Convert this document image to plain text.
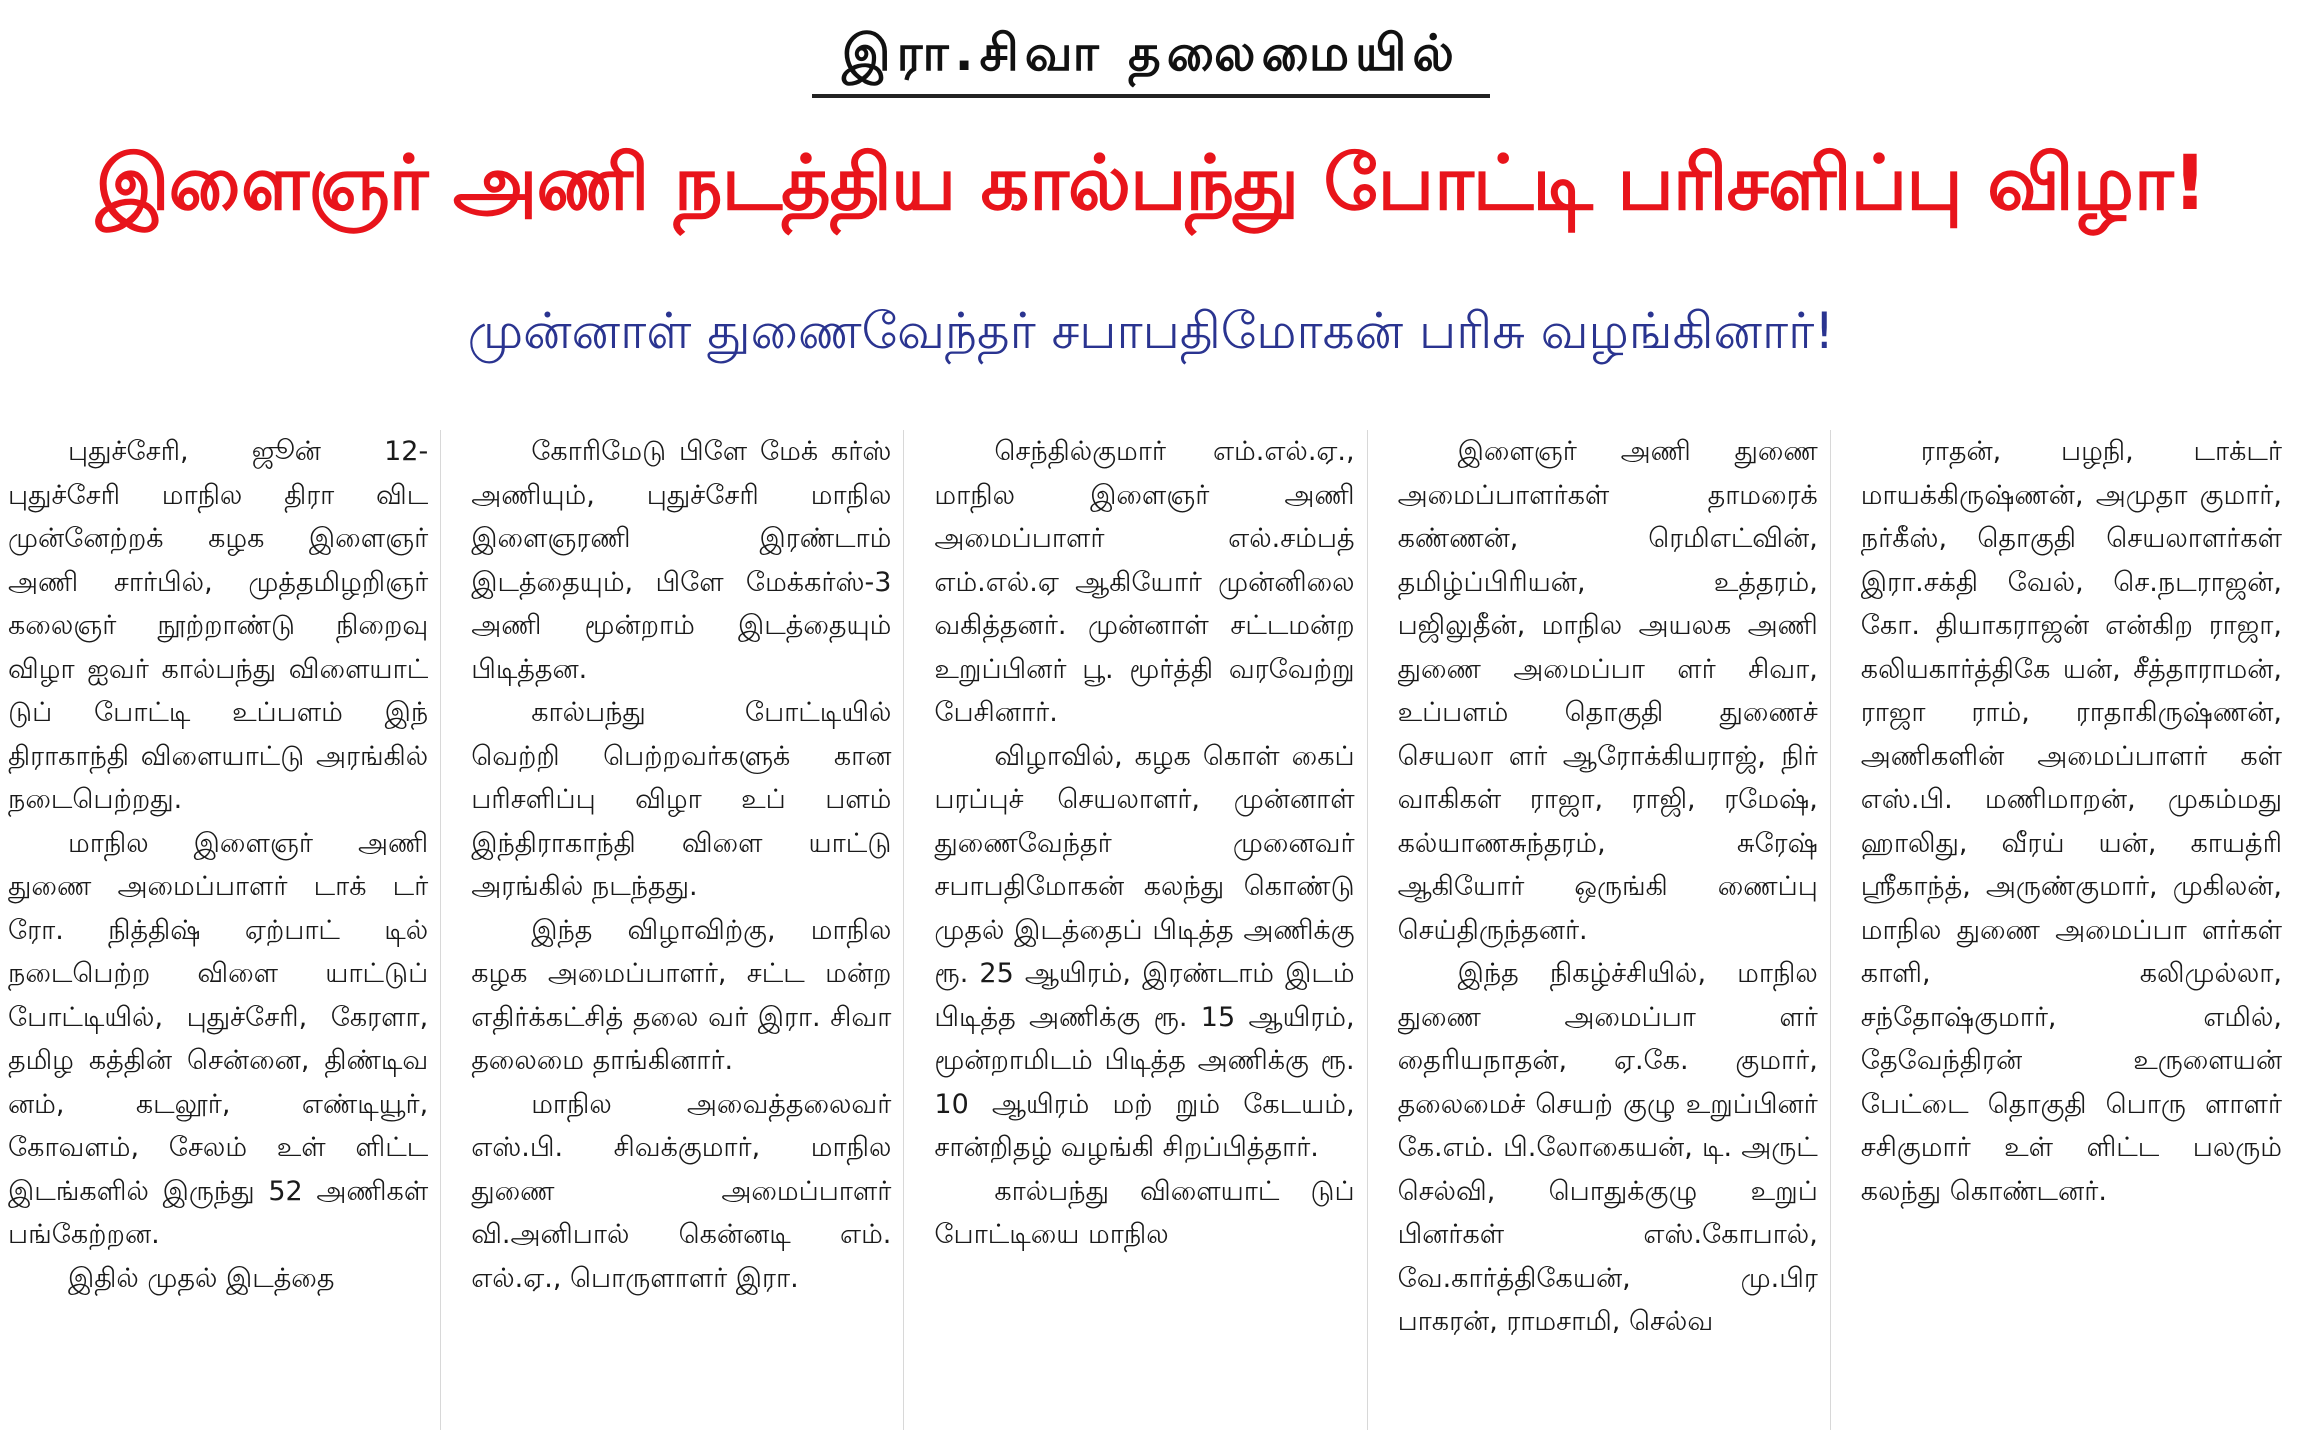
இரா.சிவா தலைமையில்
இளைஞர் அணி நடத்திய கால்பந்து போட்டி பரிசளிப்பு விழா!
முன்னாள் துணைவேந்தர் சபாபதிமோகன் பரிசு வழங்கினார்!

புதுச்சேரி, ஜூன் 12- புதுச்சேரி மாநில திரா விட முன்னேற்றக் கழக இளைஞர் அணி சார்பில், முத்தமிழறிஞர் கலைஞர் நூற்றாண்டு நிறைவு விழா ஐவர் கால்பந்து விளையாட் டுப் போட்டி உப்பளம் இந் திராகாந்தி விளையாட்டு அரங்கில் நடைபெற்றது.

மாநில இளைஞர் அணி துணை அமைப்பாளர் டாக் டர் ரோ. நித்திஷ் ஏற்பாட் டில் நடைபெற்ற விளை யாட்டுப் போட்டியில், புதுச்சேரி, கேரளா, தமிழ கத்தின் சென்னை, திண்டிவ னம், கடலூர், எண்டியூர், கோவளம், சேலம் உள் ளிட்ட இடங்களில் இருந்து 52 அணிகள் பங்கேற்றன.

இதில் முதல் இடத்தை

கோரிமேடு பிளே மேக் கர்ஸ் அணியும், புதுச்சேரி மாநில இளைஞரணி இரண்டாம் இடத்தையும், பிளே மேக்கர்ஸ்-3 அணி மூன்றாம் இடத்தையும் பிடித்தன.

கால்பந்து போட்டியில் வெற்றி பெற்றவர்களுக் கான பரிசளிப்பு விழா உப் பளம் இந்திராகாந்தி விளை யாட்டு அரங்கில் நடந்தது.

இந்த விழாவிற்கு, மாநில கழக அமைப்பாளர், சட்ட மன்ற எதிர்க்கட்சித் தலை வர் இரா. சிவா தலைமை தாங்கினார்.

மாநில அவைத்தலைவர் எஸ்.பி. சிவக்குமார், மாநில துணை அமைப்பாளர் வி.அனிபால் கென்னடி எம். எல்.ஏ., பொருளாளர் இரா.

செந்தில்குமார் எம்.எல்.ஏ., மாநில இளைஞர் அணி அமைப்பாளர் எல்.சம்பத் எம்.எல்.ஏ ஆகியோர் முன்னிலை வகித்தனர். முன்னாள் சட்டமன்ற உறுப்பினர் பூ. மூர்த்தி வரவேற்று பேசினார்.

விழாவில், கழக கொள் கைப் பரப்புச் செயலாளர், முன்னாள் துணைவேந்தர் முனைவர் சபாபதிமோகன் கலந்து கொண்டு முதல் இடத்தைப் பிடித்த அணிக்கு ரூ. 25 ஆயிரம், இரண்டாம் இடம் பிடித்த அணிக்கு ரூ. 15 ஆயிரம், மூன்றாமிடம் பிடித்த அணிக்கு ரூ. 10 ஆயிரம் மற் றும் கேடயம், சான்றிதழ் வழங்கி சிறப்பித்தார்.

கால்பந்து விளையாட் டுப் போட்டியை மாநில

இளைஞர் அணி துணை அமைப்பாளர்கள் தாமரைக் கண்ணன், ரெமிஎட்வின், தமிழ்ப்பிரியன், உத்தரம், பஜிலுதீன், மாநில அயலக அணி துணை அமைப்பா ளர் சிவா, உப்பளம் தொகுதி துணைச் செயலா ளர் ஆரோக்கியராஜ், நிர் வாகிகள் ராஜா, ராஜி, ரமேஷ், கல்யாணசுந்தரம், சுரேஷ் ஆகியோர் ஒருங்கி ணைப்பு செய்திருந்தனர்.

இந்த நிகழ்ச்சியில், மாநில துணை அமைப்பா ளர் தைரியநாதன், ஏ.கே. குமார், தலைமைச் செயற் குழு உறுப்பினர் கே.எம். பி.லோகையன், டி. அருட் செல்வி, பொதுக்குழு உறுப் பினர்கள் எஸ்.கோபால், வே.கார்த்திகேயன், மு.பிர பாகரன், ராமசாமி, செல்வ

ராதன், பழநி, டாக்டர் மாயக்கிருஷ்ணன், அமுதா குமார், நர்கீஸ், தொகுதி செயலாளர்கள் இரா.சக்தி வேல், செ.நடராஜன், கோ. தியாகராஜன் என்கிற ராஜா, கலியகார்த்திகே யன், சீத்தாராமன், ராஜா ராம், ராதாகிருஷ்ணன், அணிகளின் அமைப்பாளர் கள் எஸ்.பி. மணிமாறன், முகம்மது ஹாலிது, வீரய் யன், காயத்ரி ஸ்ரீகாந்த், அருண்குமார், முகிலன், மாநில துணை அமைப்பா ளர்கள் காளி, கலிமுல்லா, சந்தோஷ்குமார், எமில், தேவேந்திரன் உருளையன் பேட்டை தொகுதி பொரு ளாளர் சசிகுமார் உள் ளிட்ட பலரும் கலந்து கொண்டனர்.
